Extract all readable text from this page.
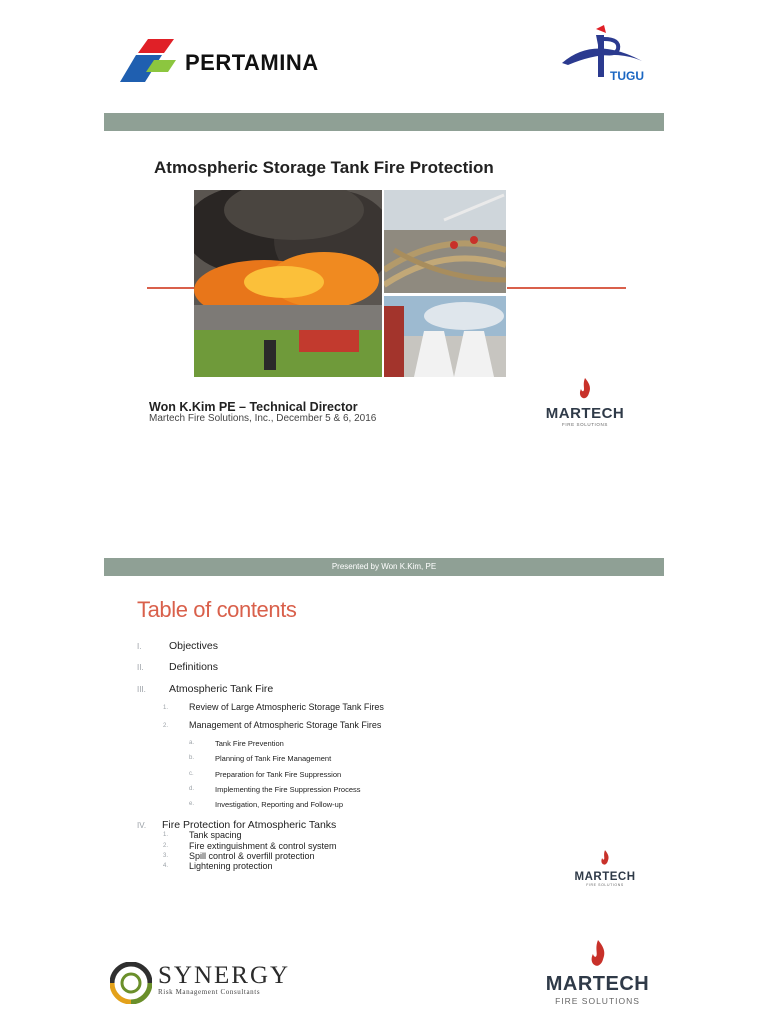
PERTAMINA
TUGU
Atmospheric Storage Tank Fire Protection
Won K.Kim PE – Technical Director
Martech Fire Solutions, Inc., December 5 & 6, 2016	MARTECH
FIRE SOLUTIONS
Presented by Won K.Kim, PE
Table of contents
I.	Objectives
II. Definitions
III. Atmospheric Tank Fire
1. Review of Large Atmospheric Storage Tank Fires
2. Management of Atmospheric Storage Tank Fires
a.	Tank Fire Prevention
b.	Planning of Tank Fire Management
c.	Preparation for Tank Fire Suppression
d.	Implementing the Fire Suppression Process
e.	Investigation, Reporting and Follow-up
IV. Fire Protection for Atmospheric Tanks
1. Tank spacing
2. Fire extinguishment & control system
3. Spill control & overfill protection
4. Lightening protection
MARTECH
FIRE SOLUTIONS
SYNERGY
Risk Management Consultants	MARTECH
FIRE SOLUTIONS
